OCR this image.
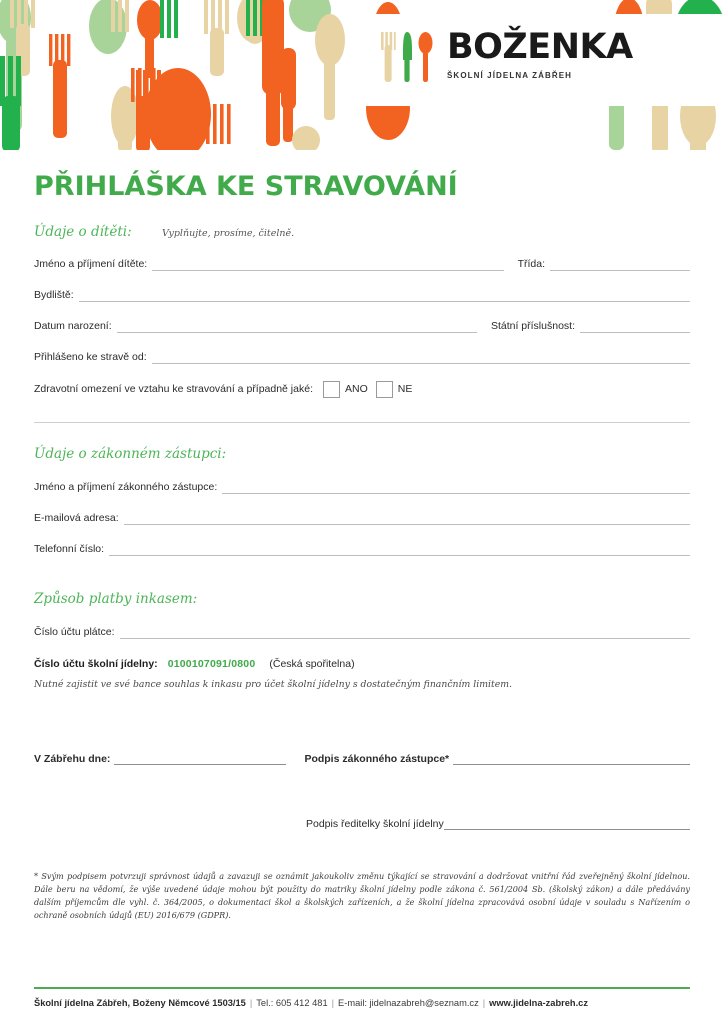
BOŽENKA
ŠKOLNÍ JÍDELNA ZÁBŘEH
PŘIHLÁŠKA KE STRAVOVÁNÍ
Údaje o dítěti:	Vyplňujte, prosíme, čitelně.
Jméno a příjmení dítěte:	Třída:
Bydliště:
Datum narození:	Státní příslušnost:
Přihlášeno ke stravě od:
Zdravotní omezení ve vztahu ke stravování a případně jaké:	ANO	NE
Údaje o zákonném zástupci:
Jméno a příjmení zákonného zástupce:
E-mailová adresa:
Telefonní číslo:
Způsob platby inkasem:
Číslo účtu plátce:
Číslo účtu školní jídelny: 0100107091/0800 (Česká spořitelna)
Nutné zajistit ve své bance souhlas k inkasu pro účet školní jídelny s dostatečným finančním limitem.
V Zábřehu dne:	Podpis zákonného zástupce*
Podpis ředitelky školní jídelny
* Svým podpisem potvrzuji správnost údajů a zavazuji se oznámit jakoukoliv změnu týkající se stravování a dodržovat vnitřní řád zveřejněný školní jídelnou. Dále beru na vědomí, že výše uvedené údaje mohou být použity do matriky školní jídelny podle zákona č. 561/2004 Sb. (školský zákon) a dále předávány dalším příjemcům dle vyhl. č. 364/2005, o dokumentaci škol a školských zařízeních, a že školní jídelna zpracovává osobní údaje v souladu s Nařízením o ochraně osobních údajů (EU) 2016/679 (GDPR).
Školní jídelna Zábřeh, Boženy Němcové 1503/15 | Tel.: 605 412 481 | E-mail: jidelnazabreh@seznam.cz | www.jidelna-zabreh.cz
